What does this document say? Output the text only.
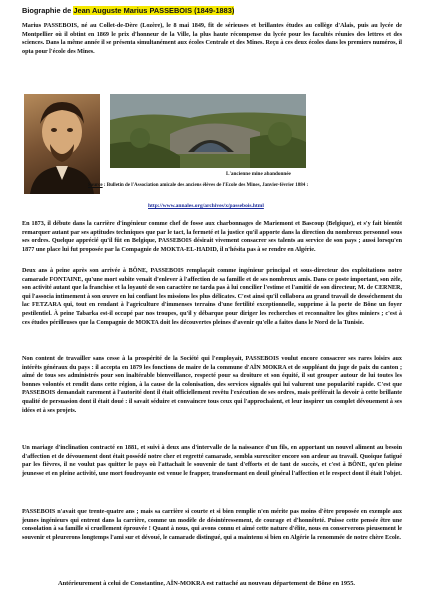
Biographie de Jean Auguste Marius PASSEBOIS (1849-1883)

Marius PASSEBOIS, né au Collet-de-Dère (Lozère), le 8 mai 1849, fit de sérieuses et brillantes études au collège d'Alais, puis au lycée de Montpellier où il obtint en 1869 le prix d'honneur de la Ville, la plus haute récompense du lycée pour les facultés réunies des lettres et des sciences. Dans la même année il se présenta simultanément aux écoles Centrale et des Mines. Reçu à ces deux écoles dans les premiers numéros, il opta pour l'école des Mines.

L'ancienne mine abandonnée
Source : Bulletin de l'Association amicale des anciens élèves de l'Ecole des Mines, Janvier-février 1884 :
http://www.annales.org/archives/x/passebois.html

En 1873, il débute dans la carrière d'ingénieur comme chef de fosse aux charbonnages de Mariemont et Bascoup (Belgique), et s'y fait bientôt remarquer autant par ses aptitudes techniques que par le tact, la fermeté et la justice qu'il apporte dans la direction du nombreux personnel sous ses ordres. Quelque apprécié qu'il fût en Belgique, PASSEBOIS désirait vivement consacrer ses talents au service de son pays ; aussi lorsqu'en 1877 une place lui fut proposée par la Compagnie de MOKTA-EL-HADID, il n'hésita pas à se rendre en Algérie.

Deux ans à peine après son arrivée à BÔNE, PASSEBOIS remplaçait comme ingénieur principal et sous-directeur des exploitations notre camarade FONTAINE, qu'une mort subite venait d'enlever à l'affection de sa famille et de ses nombreux amis. Dans ce poste important, son zèle, son activité autant que la franchise et la loyauté de son caractère ne tarda pas à lui concilier l'estime et l'amitié de son directeur, M. de CERNER, qui l'associa intimement à son œuvre en lui confiant les missions les plus délicates. C'est ainsi qu'il collabora au grand travail de desséchement du lac FETZARA qui, tout en rendant à l'agriculture d'immenses terrains d'une fertilité exceptionnelle, supprime à la porte de Bône un foyer pestilentiel. À peine Tabarka est-il occupé par nos troupes, qu'il y débarque pour diriger les recherches et reconnaître les gîtes miniers ; c'est à ces études périlleuses que la Compagnie de MOKTA doit les découvertes pleines d'avenir qu'elle a faites dans le Nord de la Tunisie.

Non content de travailler sans cesse à la prospérité de la Société qui l'employait, PASSEBOIS voulut encore consacrer ses rares loisirs aux intérêts généraux du pays : il accepta en 1879 les fonctions de maire de la commune d'AÏN MOKRA et de suppléant du juge de paix du canton ; aimé de tous ses administrés pour son inaltérable bienveillance, respecté pour sa droiture et son équité, il sut grouper autour de lui toutes les bonnes volontés et rendit dans cette région, à la cause de la colonisation, des services signalés qui lui valurent une popularité rapide. C'est que PASSEBOIS demandait rarement à l'autorité dont il était officiellement revêtu l'exécution de ses ordres, mais préférait la devoir à cette brillante qualité de persuasion dont il était doué : il savait séduire et convaincre tous ceux qui l'approchaient, et leur inspirer un complet dévouement à ses idées et à ses projets.

Un mariage d'inclination contracté en 1881, et suivi à deux ans d'intervalle de la naissance d'un fils, en apportant un nouvel aliment au besoin d'affection et de dévouement dont était possédé notre cher et regretté camarade, sembla surexciter encore son ardeur au travail. Quoique fatigué par les fièvres, il ne voulut pas quitter le pays où l'attachait le souvenir de tant d'efforts et de tant de succès, et c'est à BÔNE, qu'en pleine jeunesse et en pleine activité, une mort foudroyante est venue le frapper, transformant en deuil général l'affection et le respect dont il était l'objet.

PASSEBOIS n'avait que trente-quatre ans ; mais sa carrière si courte et si bien remplie n'en mérite pas moins d'être proposée en exemple aux jeunes ingénieurs qui entrent dans la carrière, comme un modèle de désintéressement, de courage et d'honnêteté. Puisse cette pensée être une consolation à sa famille si cruellement éprouvée ! Quant à nous, qui avons connu et aimé cette nature d'élite, nous en conserverons pieusement le souvenir et pleurerons longtemps l'ami sur et dévoué, le camarade distingué, qui a maintenu si bien en Algérie la renommée de notre chère Ecole.

Antérieurement à celui de Constantine, AÏN-MOKRA est rattaché au nouveau département de Bône en 1955.
